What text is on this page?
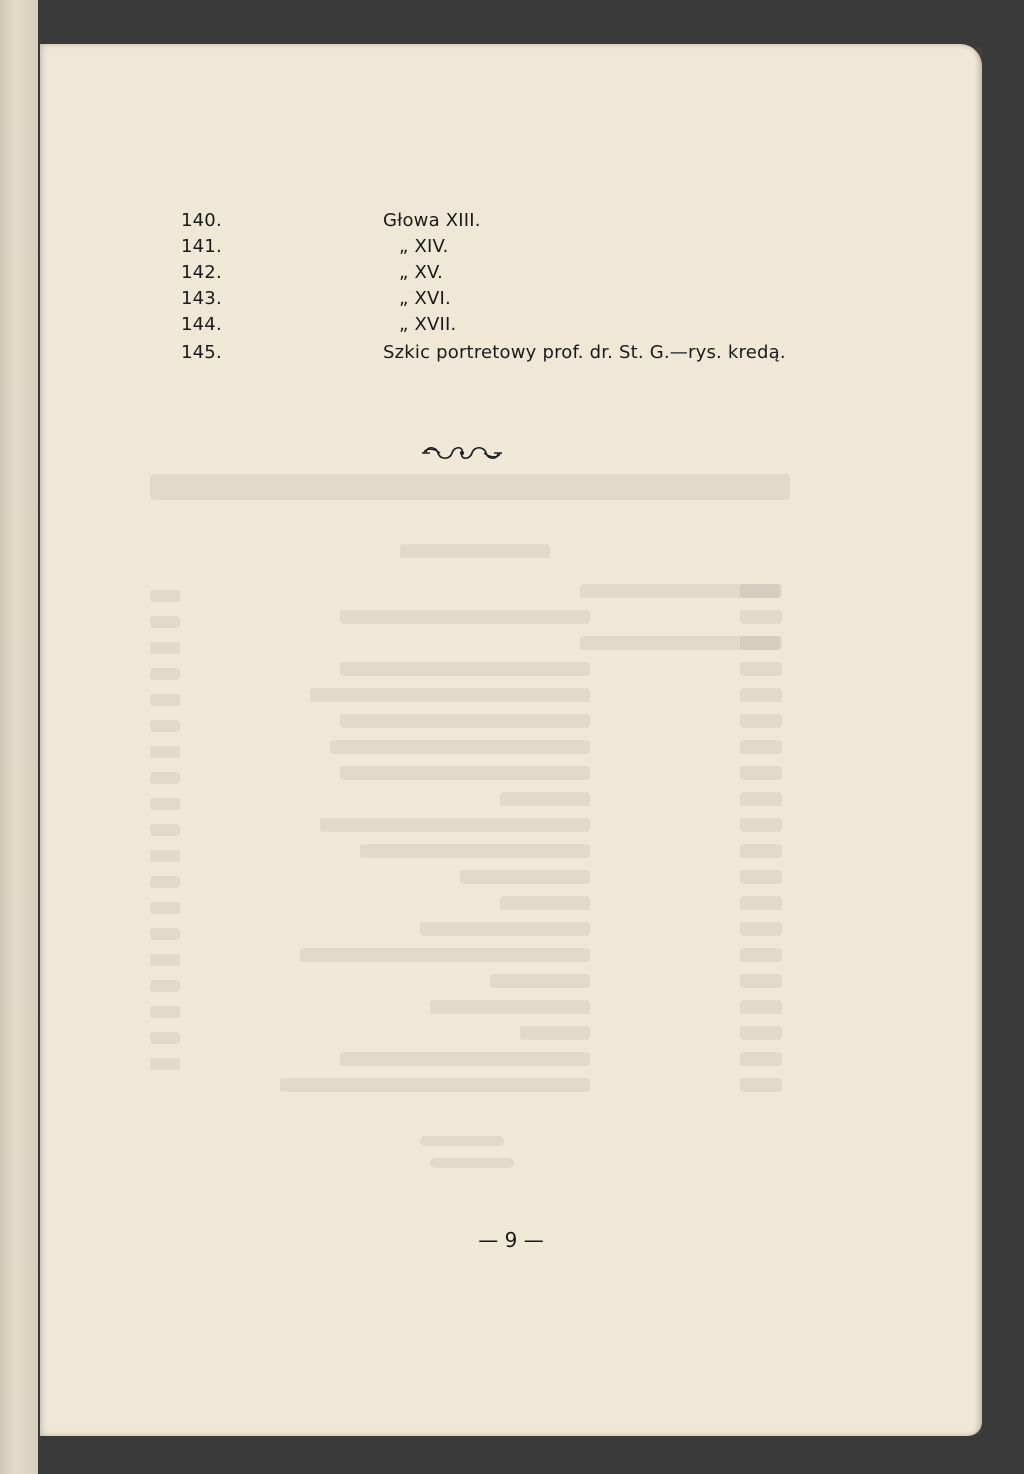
140.	Głowa XIII.
141.	„ XIV.
142.	„ XV.
143.	„ XVI.
144.	„ XVII.
145.	Szkic portretowy prof. dr. St. G.—rys. kredą.
— 9 —
